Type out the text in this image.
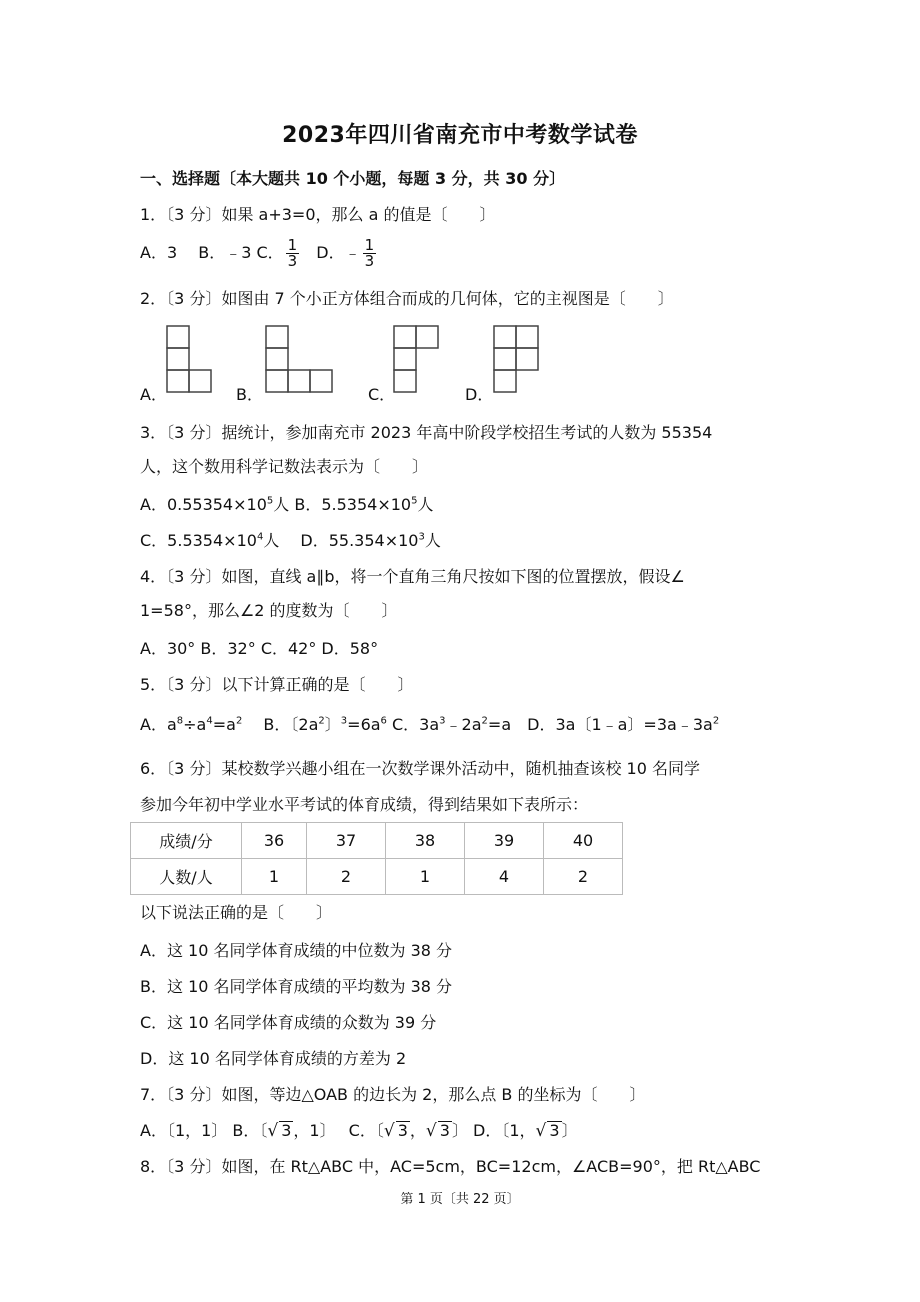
2023年四川省南充市中考数学试卷
一、选择题〔本大题共 10 个小题，每题 3 分，共 30 分〕
1．〔3 分〕如果 a+3=0，那么 a 的值是〔　　〕
A．3　 B．﹣3 C． $\frac{1}{3}$ D．﹣ $\frac{1}{3}$
2．〔3 分〕如图由 7 个小正方体组合而成的几何体，它的主视图是〔　　〕
A．	B．	C．	D．
3．〔3 分〕据统计，参加南充市 2023 年高中阶段学校招生考试的人数为 55354
人，这个数用科学记数法表示为〔　　〕
A．$0.55354\times 10^5$人 B．$5.5354\times 10^5$人
C．$5.5354\times 10^4$人　 D．$55.354\times 10^3$人
4．〔3 分〕如图，直线 a∥b，将一个直角三角尺按如下图的位置摆放，假设∠
1=58°，那么∠2 的度数为〔　　〕
A．30° B．32° C．42° D．58°
5．〔3 分〕以下计算正确的是〔　　〕
A．$a^8\div a^4=a^2$　 B．〔$2a^2$〕$^3=6a^6$ C．$3a^3﹣2a^2=a$　D．3a〔1﹣a〕$=3a﹣3a^2$
6．〔3 分〕某校数学兴趣小组在一次数学课外活动中，随机抽查该校 10 名同学
参加今年初中学业水平考试的体育成绩，得到结果如下表所示：
成绩/分	36	37	38	39	40
人数/人	1	2	1	4	2
以下说法正确的是〔　　〕
A．这 10 名同学体育成绩的中位数为 38 分
B．这 10 名同学体育成绩的平均数为 38 分
C．这 10 名同学体育成绩的众数为 39 分
D．这 10 名同学体育成绩的方差为 2
7．〔3 分〕如图，等边△OAB 的边长为 2，那么点 B 的坐标为〔　　〕
A．〔1，1〕 B．〔√ 3 ，1〕　 C．〔√ 3 ，√ 3 〕 D．〔1，√ 3 〕
8．〔3 分〕如图，在 Rt△ABC 中，AC=5cm，BC=12cm，∠ACB=90°，把 Rt△ABC
第 1 页〔共 22 页〕
